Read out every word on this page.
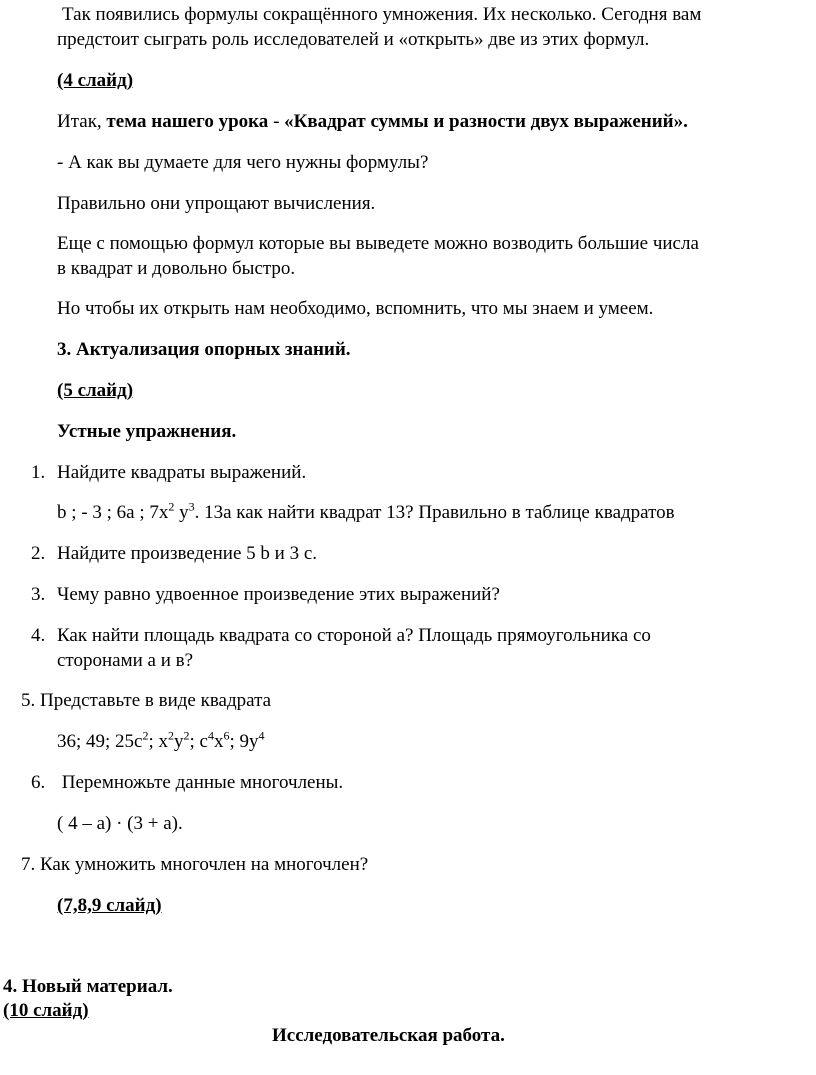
Так появились формулы сокращённого умножения. Их несколько. Сегодня вам
предстоит сыграть роль исследователей и «открыть» две из этих формул.
(4 слайд)
Итак, тема нашего урока - «Квадрат суммы и разности двух выражений».
- А как вы думаете для чего нужны формулы?
Правильно они упрощают вычисления.
Еще с помощью формул которые вы выведете можно возводить большие числа
в квадрат и довольно быстро.
Но чтобы их открыть нам необходимо, вспомнить, что мы знаем и умеем.
3. Актуализация опорных знаний.
(5 слайд)
Устные упражнения.
1. Найдите квадраты выражений.
b ; - 3 ; 6а ; $7х^2$ $у^3$. 13а как найти квадрат 13? Правильно в таблице квадратов
2. Найдите произведение 5 b и 3 с.
3. Чему равно удвоенное произведение этих выражений?
4. Как найти площадь квадрата со стороной а? Площадь прямоугольника со
сторонами а и в?
5. Представьте в виде квадрата
36; 49; $25с^2$; $х^2у^2$; $с^4х^6$; $9у^4$
6. Перемножьте данные многочлены.
( 4 – а) · (3 + а).
7. Как умножить многочлен на многочлен?
(7,8,9 слайд)
4. Новый материал.
(10 слайд)
Исследовательская работа.
